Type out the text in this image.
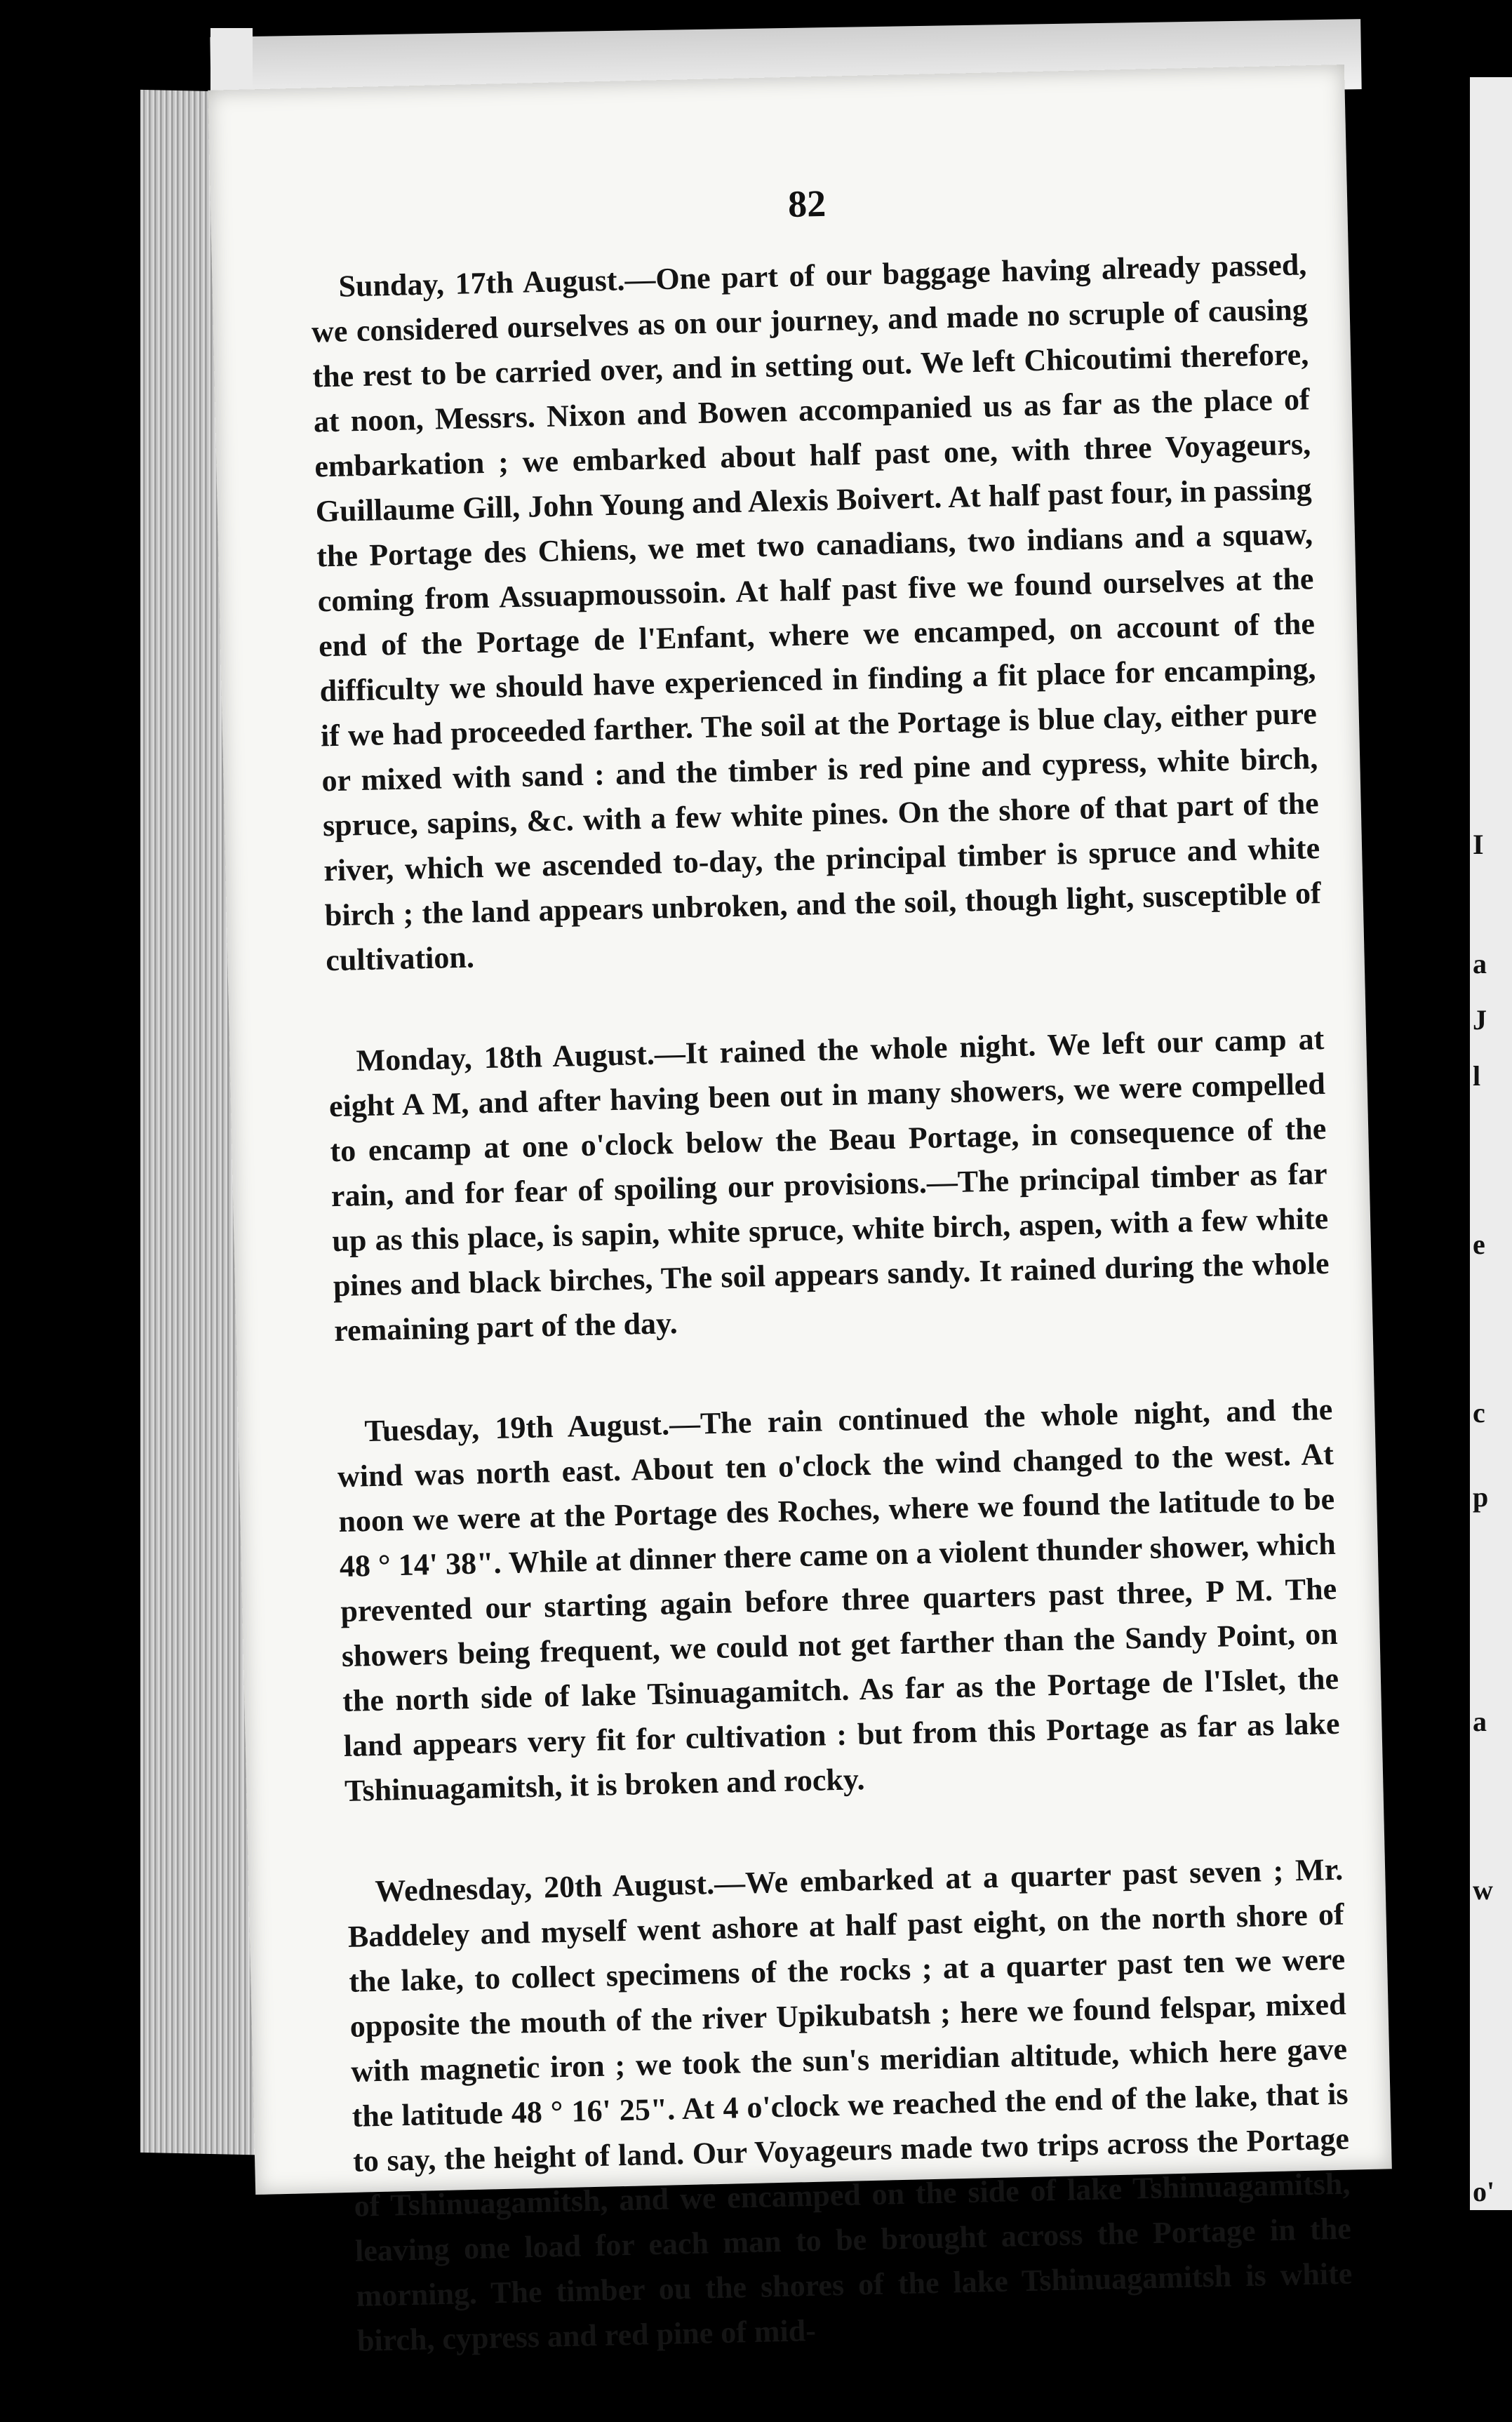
I
a
J
l
e
c
p
a
w
o'
82

Sunday, 17th August.—One part of our baggage having already passed, we considered ourselves as on our journey, and made no scruple of causing the rest to be carried over, and in setting out. We left Chicoutimi therefore, at noon, Messrs. Nixon and Bowen accompanied us as far as the place of embarkation ; we embarked about half past one, with three Voyageurs, Guillaume Gill, John Young and Alexis Boivert. At half past four, in passing the Portage des Chiens, we met two canadians, two indians and a squaw, coming from Assuapmoussoin. At half past five we found ourselves at the end of the Portage de l'Enfant, where we encamped, on account of the difficulty we should have experienced in finding a fit place for encamping, if we had proceeded farther. The soil at the Portage is blue clay, either pure or mixed with sand : and the timber is red pine and cypress, white birch, spruce, sapins, &c. with a few white pines. On the shore of that part of the river, which we ascended to-day, the principal timber is spruce and white birch ; the land appears unbroken, and the soil, though light, susceptible of cultivation.

Monday, 18th August.—It rained the whole night. We left our camp at eight A M, and after having been out in many showers, we were compelled to encamp at one o'clock below the Beau Portage, in consequence of the rain, and for fear of spoiling our provisions.—The principal timber as far up as this place, is sapin, white spruce, white birch, aspen, with a few white pines and black birches, The soil appears sandy. It rained during the whole remaining part of the day.

Tuesday, 19th August.—The rain continued the whole night, and the wind was north east. About ten o'clock the wind changed to the west. At noon we were at the Portage des Roches, where we found the latitude to be 48 ° 14' 38". While at dinner there came on a violent thunder shower, which prevented our starting again before three quarters past three, P M. The showers being frequent, we could not get farther than the Sandy Point, on the north side of lake Tsinuagamitch. As far as the Portage de l'Islet, the land appears very fit for cultivation : but from this Portage as far as lake Tshinuagamitsh, it is broken and rocky.

Wednesday, 20th August.—We embarked at a quarter past seven ; Mr. Baddeley and myself went ashore at half past eight, on the north shore of the lake, to collect specimens of the rocks ; at a quarter past ten we were opposite the mouth of the river Upikubatsh ; here we found felspar, mixed with magnetic iron ; we took the sun's meridian altitude, which here gave the latitude 48 ° 16' 25". At 4 o'clock we reached the end of the lake, that is to say, the height of land. Our Voyageurs made two trips across the Portage of Tshinuagamitsh, and we encamped on the side of lake Tshinuagamitsh, leaving one load for each man to be brought across the Portage in the morning. The timber ou the shores of the lake Tshinuagamitsh is white birch, cypress and red pine of mid-
